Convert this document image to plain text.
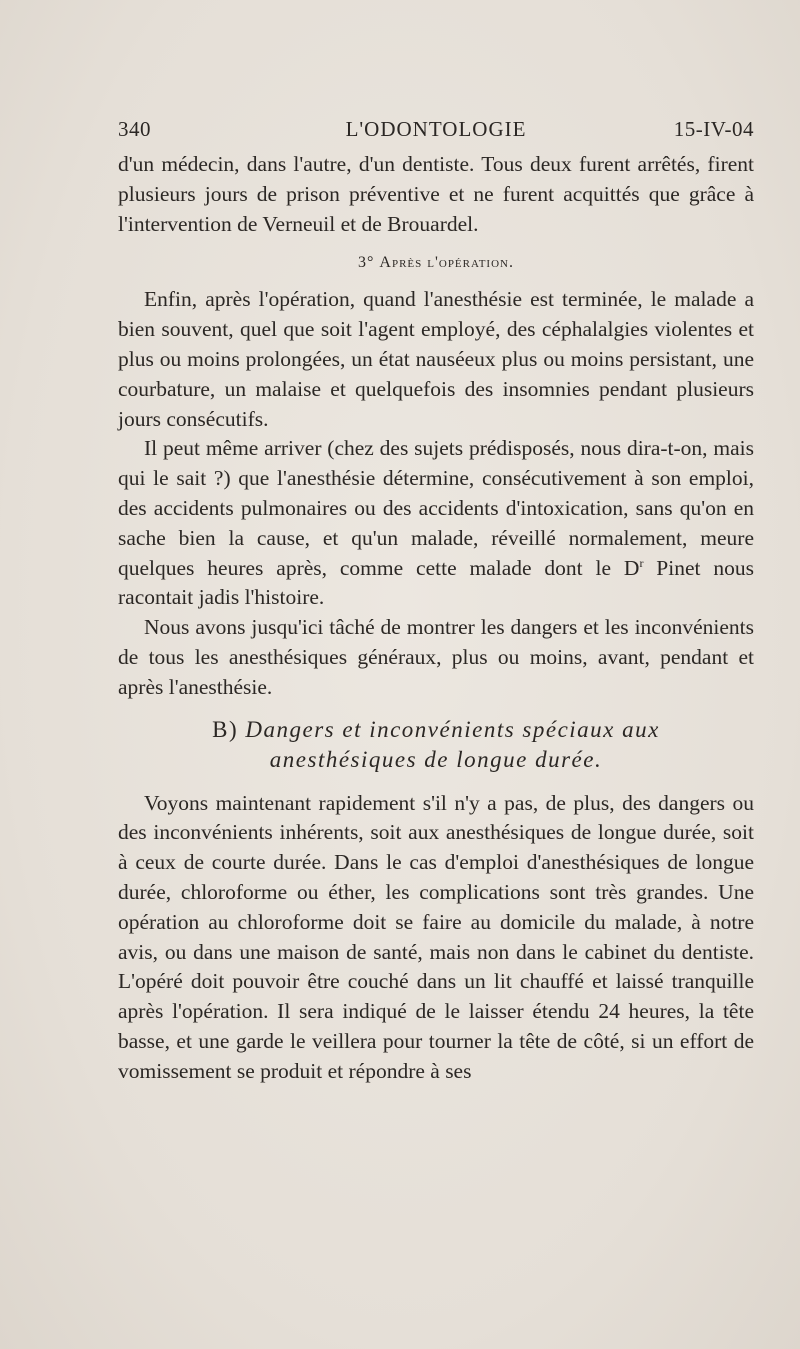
340	L'ODONTOLOGIE	15-IV-04

d'un médecin, dans l'autre, d'un dentiste. Tous deux furent arrêtés, firent plusieurs jours de prison préventive et ne furent acquittés que grâce à l'intervention de Verneuil et de Brouardel.

3° Après l'opération.

Enfin, après l'opération, quand l'anesthésie est terminée, le malade a bien souvent, quel que soit l'agent employé, des céphalalgies violentes et plus ou moins prolongées, un état nauséeux plus ou moins persistant, une courbature, un malaise et quelquefois des insomnies pendant plusieurs jours consécutifs.

Il peut même arriver (chez des sujets prédisposés, nous dira-t-on, mais qui le sait ?) que l'anesthésie détermine, consécutivement à son emploi, des accidents pulmonaires ou des accidents d'intoxication, sans qu'on en sache bien la cause, et qu'un malade, réveillé normalement, meure quelques heures après, comme cette malade dont le $D^r$ Pinet nous racontait jadis l'histoire.

Nous avons jusqu'ici tâché de montrer les dangers et les inconvénients de tous les anesthésiques généraux, plus ou moins, avant, pendant et après l'anesthésie.

B) Dangers et inconvénients spéciaux aux
anesthésiques de longue durée.

Voyons maintenant rapidement s'il n'y a pas, de plus, des dangers ou des inconvénients inhérents, soit aux anesthésiques de longue durée, soit à ceux de courte durée. Dans le cas d'emploi d'anesthésiques de longue durée, chloroforme ou éther, les complications sont très grandes. Une opération au chloroforme doit se faire au domicile du malade, à notre avis, ou dans une maison de santé, mais non dans le cabinet du dentiste. L'opéré doit pouvoir être couché dans un lit chauffé et laissé tranquille après l'opération. Il sera indiqué de le laisser étendu 24 heures, la tête basse, et une garde le veillera pour tourner la tête de côté, si un effort de vomissement se produit et répondre à ses
